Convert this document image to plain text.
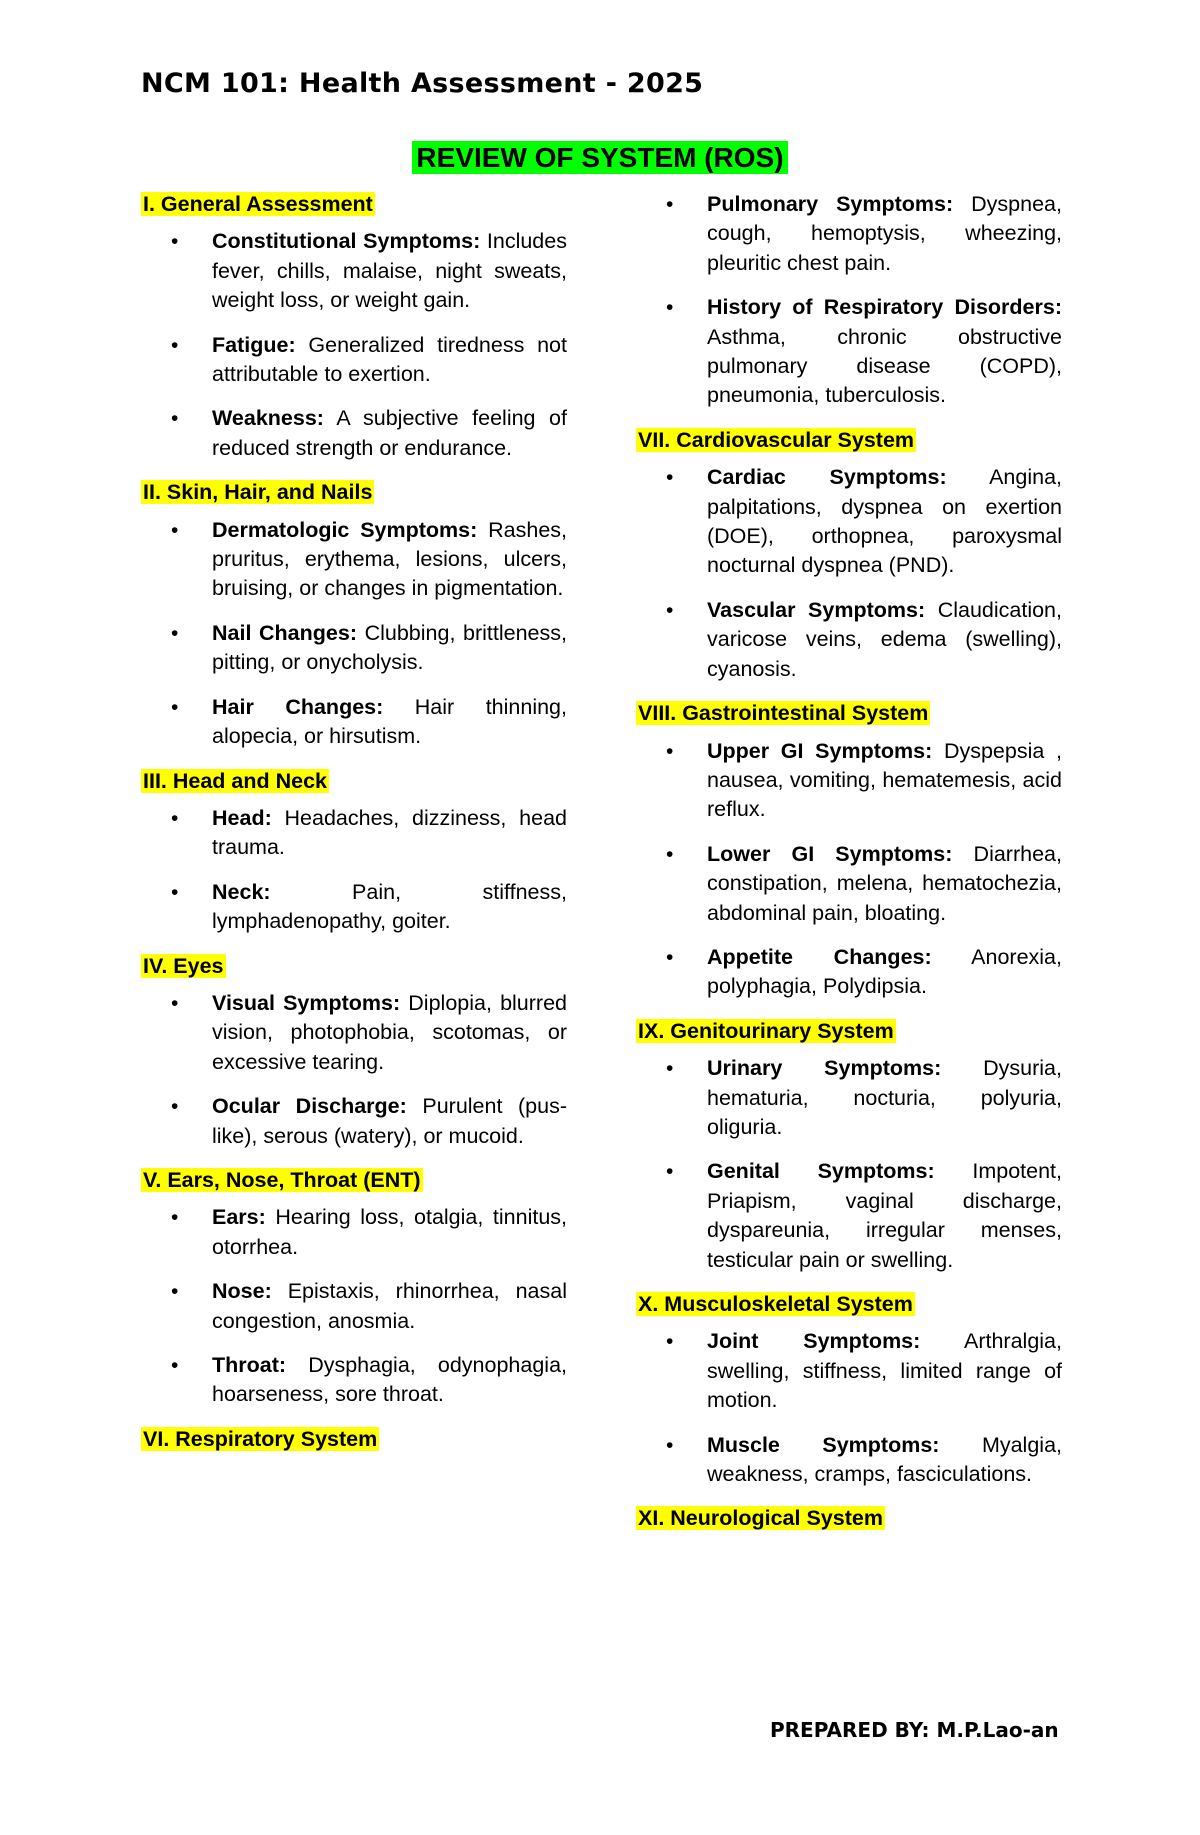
NCM 101: Health Assessment - 2025
REVIEW OF SYSTEM (ROS)
I. General Assessment
• Constitutional Symptoms: Includes fever, chills, malaise, night sweats, weight loss, or weight gain.
• Fatigue: Generalized tiredness not attributable to exertion.
• Weakness: A subjective feeling of reduced strength or endurance.
II. Skin, Hair, and Nails
• Dermatologic Symptoms: Rashes, pruritus, erythema, lesions, ulcers, bruising, or changes in pigmentation.
• Nail Changes: Clubbing, brittleness, pitting, or onycholysis.
• Hair Changes: Hair thinning, alopecia, or hirsutism.
III. Head and Neck
• Head: Headaches, dizziness, head trauma.
• Neck:	Pain, stiffness, lymphadenopathy, goiter.
IV. Eyes
• Visual Symptoms: Diplopia, blurred vision, photophobia, scotomas, or excessive tearing.
• Ocular Discharge: Purulent (pus-like), serous (watery), or mucoid.
V. Ears, Nose, Throat (ENT)
• Ears: Hearing loss, otalgia, tinnitus, otorrhea.
• Nose: Epistaxis, rhinorrhea, nasal congestion, anosmia.
• Throat: Dysphagia, odynophagia, hoarseness, sore throat.
VI. Respiratory System
• Pulmonary Symptoms: Dyspnea, cough, hemoptysis, wheezing, pleuritic chest pain.
• History of Respiratory Disorders: Asthma, chronic obstructive pulmonary disease (COPD), pneumonia, tuberculosis.
VII. Cardiovascular System
• Cardiac Symptoms: Angina, palpitations, dyspnea on exertion (DOE), orthopnea, paroxysmal nocturnal dyspnea (PND).
• Vascular Symptoms: Claudication, varicose veins, edema (swelling), cyanosis.
VIII. Gastrointestinal System
• Upper GI Symptoms: Dyspepsia , nausea, vomiting, hematemesis, acid reflux.
• Lower GI Symptoms: Diarrhea, constipation, melena, hematochezia, abdominal pain, bloating.
• Appetite Changes: Anorexia, polyphagia, Polydipsia.
IX. Genitourinary System
• Urinary Symptoms: Dysuria, hematuria, nocturia, polyuria, oliguria.
• Genital Symptoms: Impotent, Priapism, vaginal discharge, dyspareunia, irregular menses, testicular pain or swelling.
X. Musculoskeletal System
• Joint Symptoms: Arthralgia, swelling, stiffness, limited range of motion.
• Muscle Symptoms: Myalgia, weakness, cramps, fasciculations.
XI. Neurological System
PREPARED BY: M.P.Lao-an
